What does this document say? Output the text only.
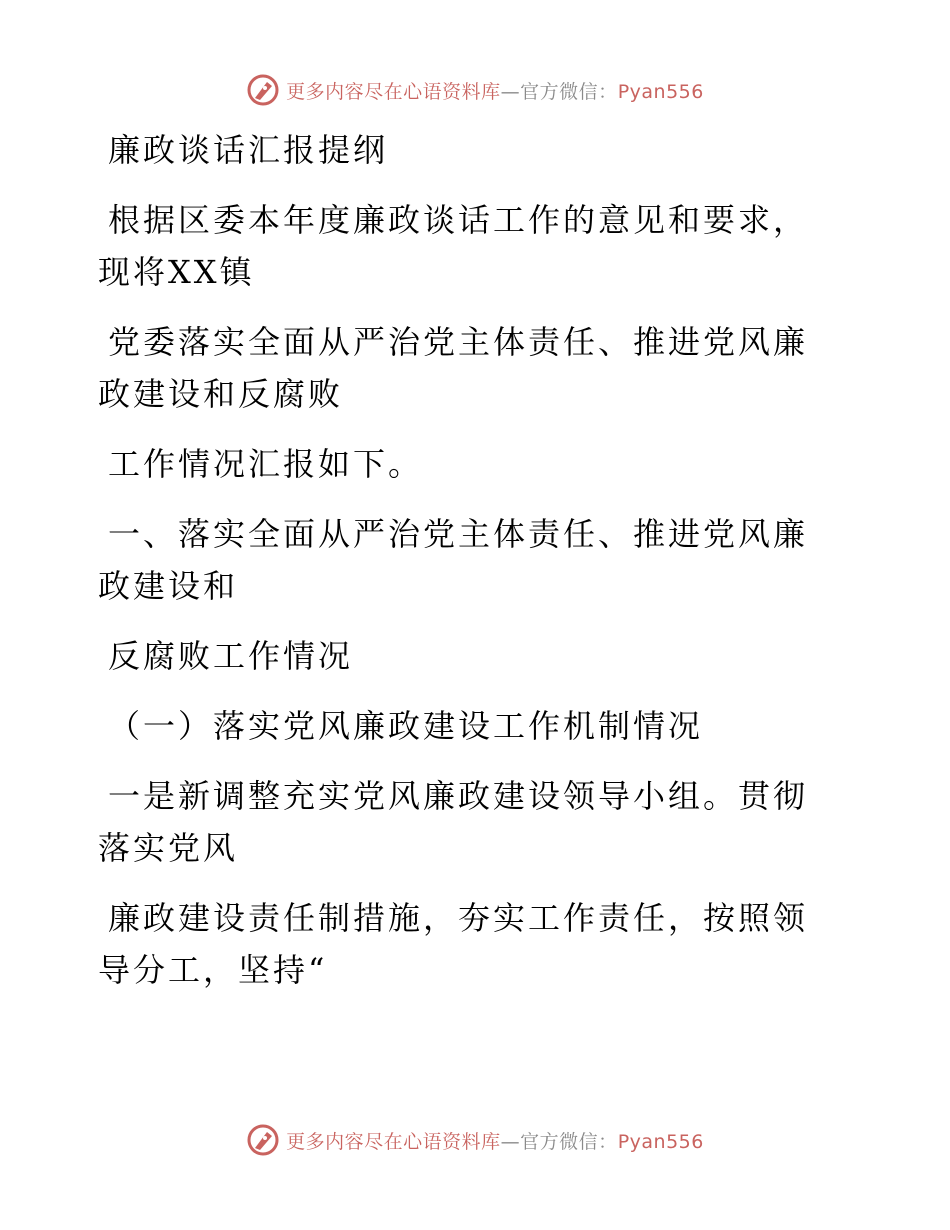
更多内容尽在心语资料库—官方微信：Pyan556

廉政谈话汇报提纲

根据区委本年度廉政谈话工作的意见和要求，现将XX镇

党委落实全面从严治党主体责任、推进党风廉政建设和反腐败

工作情况汇报如下。

一、落实全面从严治党主体责任、推进党风廉政建设和

反腐败工作情况

（一）落实党风廉政建设工作机制情况

一是新调整充实党风廉政建设领导小组。贯彻落实党风

廉政建设责任制措施，夯实工作责任，按照领导分工，坚持“

更多内容尽在心语资料库—官方微信：Pyan556
